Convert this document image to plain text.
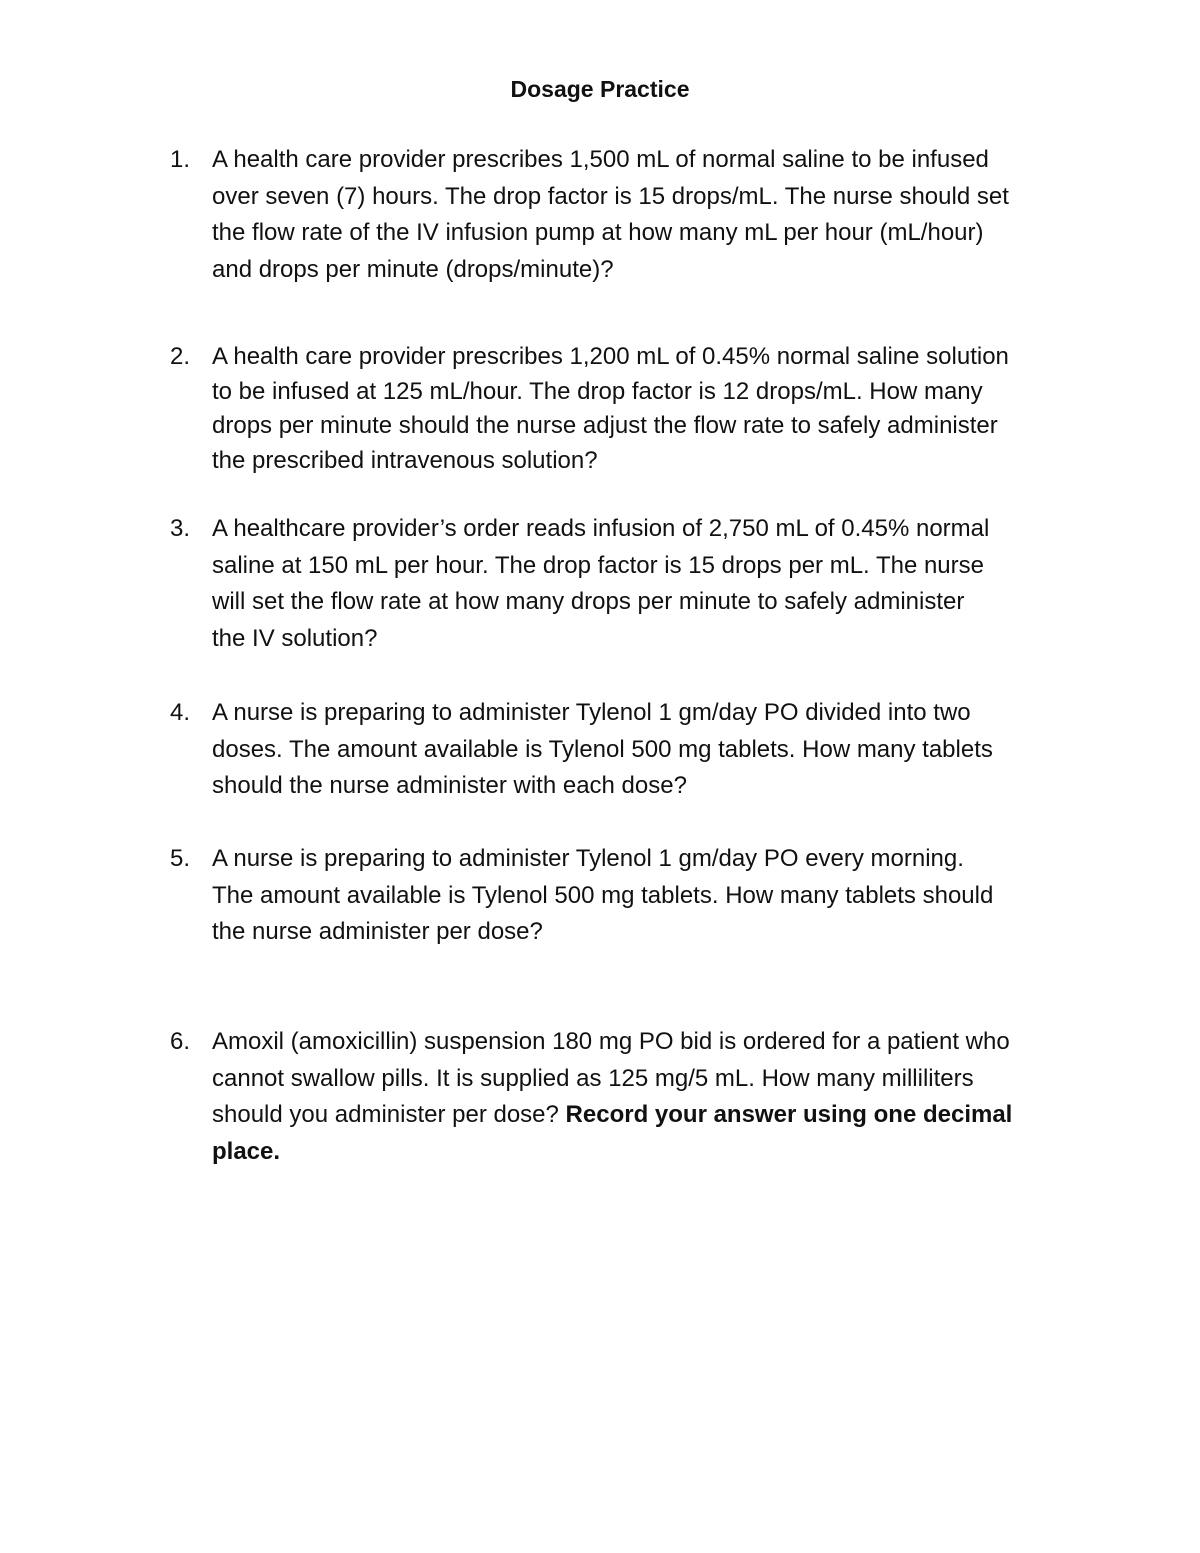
Dosage Practice
1. A health care provider prescribes 1,500 mL of normal saline to be infused
over seven (7) hours. The drop factor is 15 drops/mL. The nurse should set
the flow rate of the IV infusion pump at how many mL per hour (mL/hour)
and drops per minute (drops/minute)?
2. A health care provider prescribes 1,200 mL of 0.45% normal saline solution
to be infused at 125 mL/hour. The drop factor is 12 drops/mL. How many
drops per minute should the nurse adjust the flow rate to safely administer
the prescribed intravenous solution?
3. A healthcare provider’s order reads infusion of 2,750 mL of 0.45% normal
saline at 150 mL per hour. The drop factor is 15 drops per mL. The nurse
will set the flow rate at how many drops per minute to safely administer
the IV solution?
4. A nurse is preparing to administer Tylenol 1 gm/day PO divided into two
doses. The amount available is Tylenol 500 mg tablets. How many tablets
should the nurse administer with each dose?
5. A nurse is preparing to administer Tylenol 1 gm/day PO every morning.
The amount available is Tylenol 500 mg tablets. How many tablets should
the nurse administer per dose?
6. Amoxil (amoxicillin) suspension 180 mg PO bid is ordered for a patient who
cannot swallow pills. It is supplied as 125 mg/5 mL. How many milliliters
should you administer per dose? Record your answer using one decimal
place.
